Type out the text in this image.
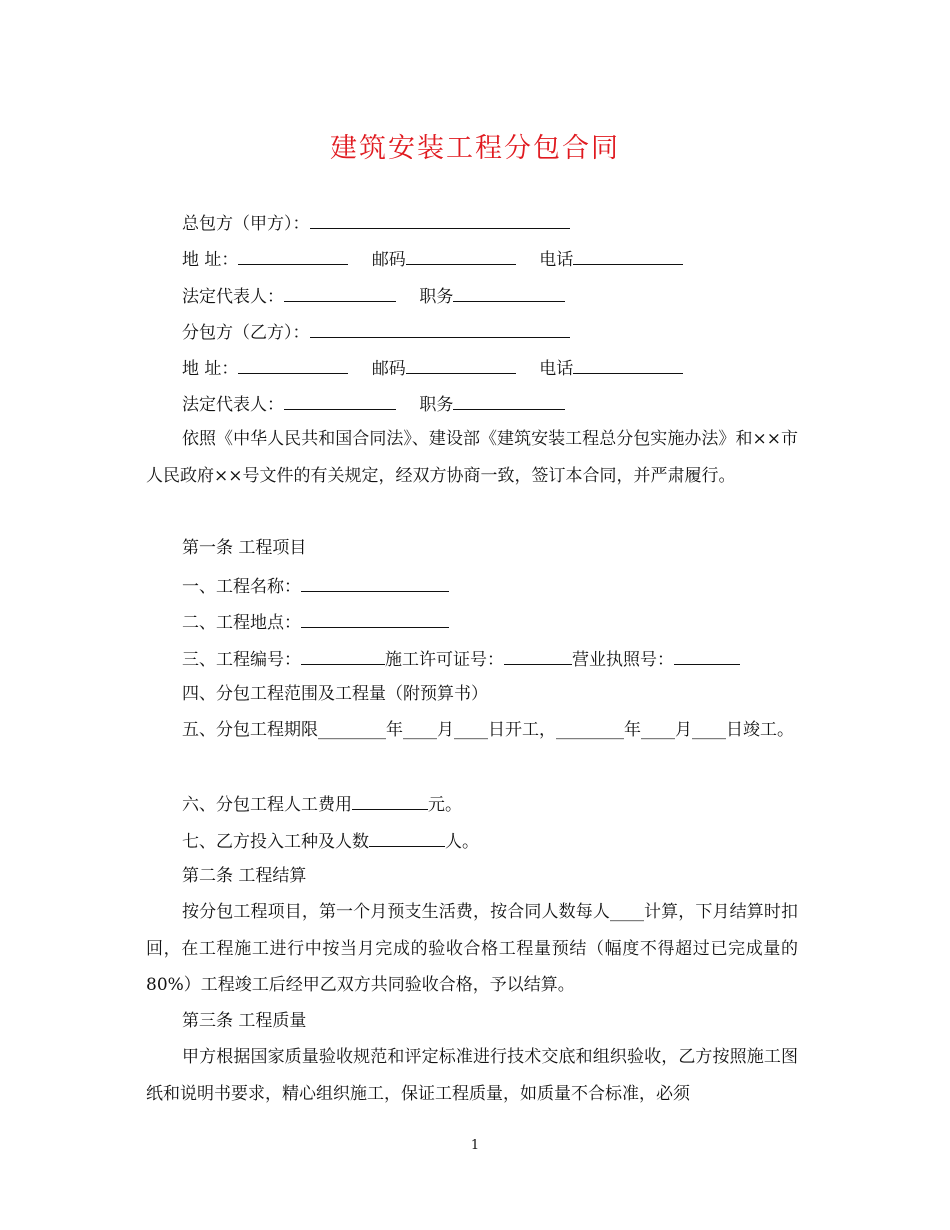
建筑安装工程分包合同
总包方（甲方）：
地 址：	邮码	电话
法定代表人：	职务
分包方（乙方）：
地 址：	邮码	电话
法定代表人：	职务
依照《中华人民共和国合同法》、建设部《建筑安装工程总分包实施办法》和××市人民政府××号文件的有关规定，经双方协商一致，签订本合同，并严肃履行。
第一条 工程项目
一、工程名称：
二、工程地点：
三、工程编号：	施工许可证号：	营业执照号：
四、分包工程范围及工程量（附预算书）
五、分包工程期限________年____月____日开工，________年____月____日竣工。
六、分包工程人工费用	元。
七、乙方投入工种及人数	人。
第二条 工程结算
按分包工程项目，第一个月预支生活费，按合同人数每人____计算，下月结算时扣回，在工程施工进行中按当月完成的验收合格工程量预结（幅度不得超过已完成量的80%）工程竣工后经甲乙双方共同验收合格，予以结算。
第三条 工程质量
甲方根据国家质量验收规范和评定标准进行技术交底和组织验收，乙方按照施工图纸和说明书要求，精心组织施工，保证工程质量，如质量不合标准，必须
1
